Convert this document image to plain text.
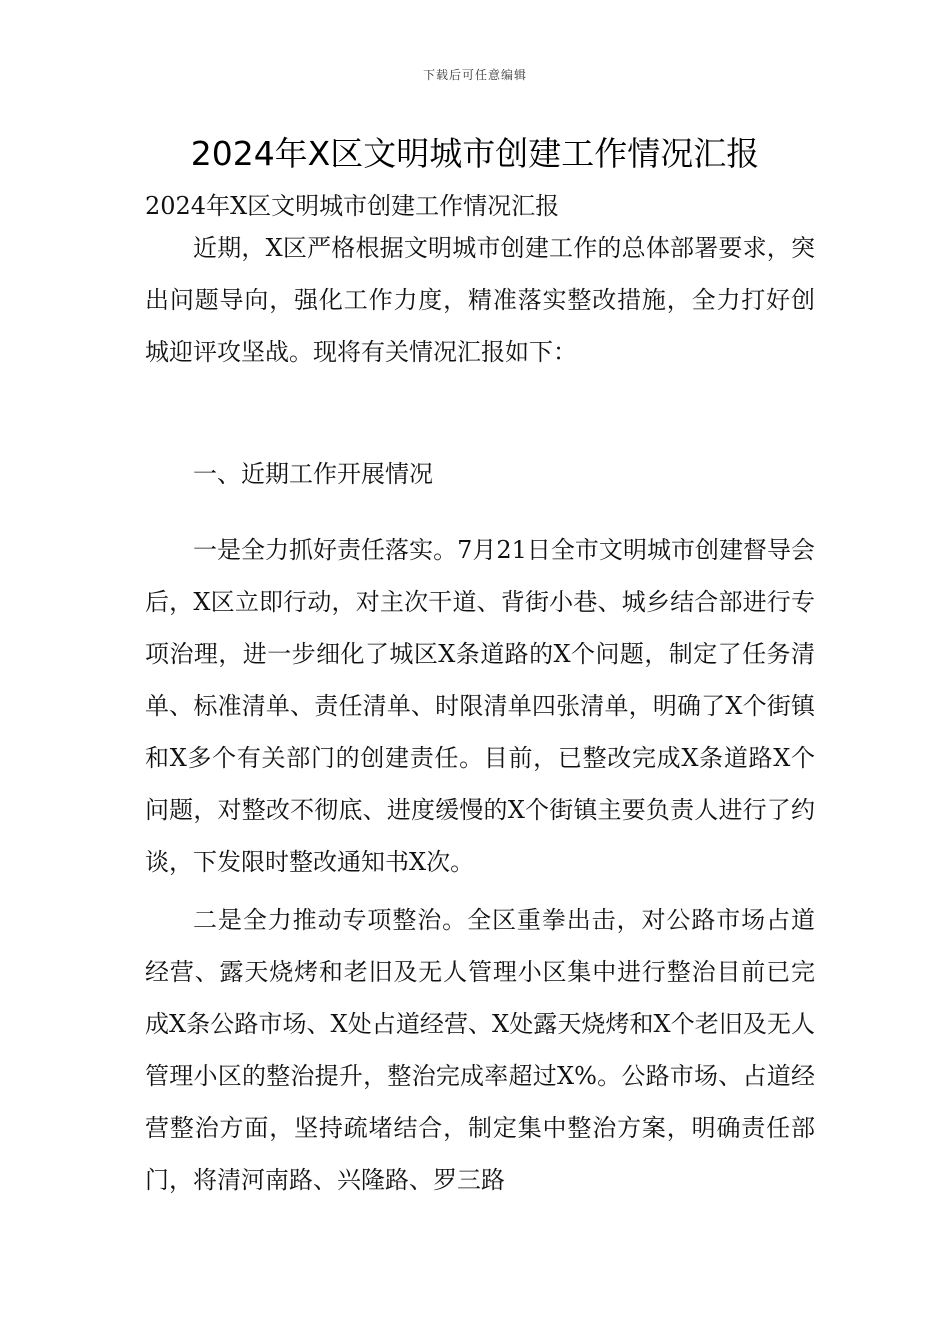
下载后可任意编辑
2024年X区文明城市创建工作情况汇报

2024年X区文明城市创建工作情况汇报

近期，X区严格根据文明城市创建工作的总体部署要求，突出问题导向，强化工作力度，精准落实整改措施，全力打好创城迎评攻坚战。现将有关情况汇报如下：

一、近期工作开展情况

一是全力抓好责任落实。7月21日全市文明城市创建督导会后，X区立即行动，对主次干道、背街小巷、城乡结合部进行专项治理，进一步细化了城区X条道路的X个问题，制定了任务清单、标准清单、责任清单、时限清单四张清单，明确了X个街镇和X多个有关部门的创建责任。目前，已整改完成X条道路X个问题，对整改不彻底、进度缓慢的X个街镇主要负责人进行了约谈，下发限时整改通知书X次。

二是全力推动专项整治。全区重拳出击，对公路市场占道经营、露天烧烤和老旧及无人管理小区集中进行整治目前已完成X条公路市场、X处占道经营、X处露天烧烤和X个老旧及无人管理小区的整治提升，整治完成率超过X%。公路市场、占道经营整治方面，坚持疏堵结合，制定集中整治方案，明确责任部门，将清河南路、兴隆路、罗三路
